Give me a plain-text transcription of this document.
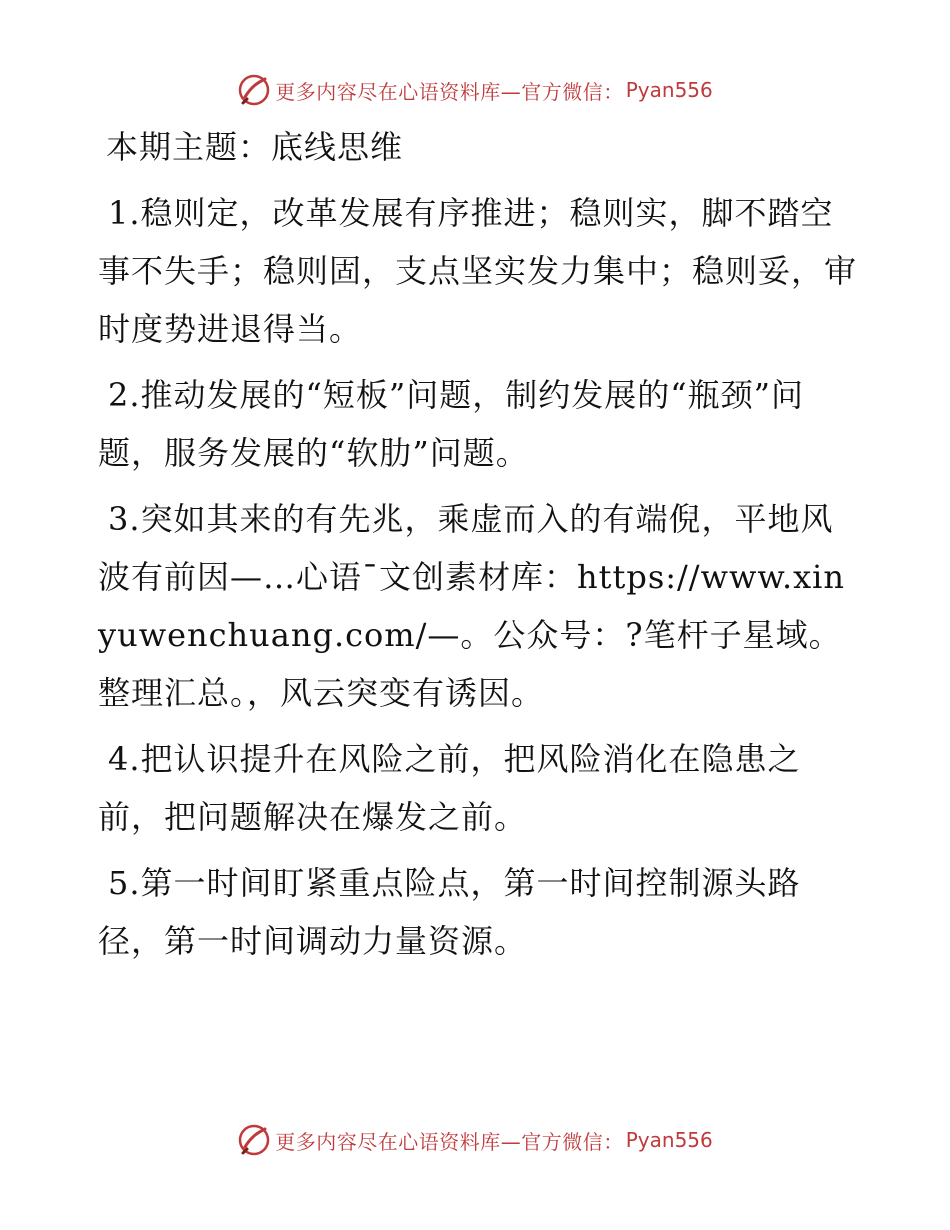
更多内容尽在心语资料库—官方微信： Pyan556
本期主题：底线思维
1.稳则定，改革发展有序推进；稳则实，脚不踏空事不失手；稳则固，支点坚实发力集中；稳则妥，审时度势进退得当。
2.推动发展的“短板”问题，制约发展的“瓶颈”问题，服务发展的“软肋”问题。
3.突如其来的有先兆，乘虚而入的有端倪，平地风波有前因—…心语¯文创素材库：https://www.xinyuwenchuang.com/—。公众号：?笔杆子星域。整理汇总。，风云突变有诱因。
4.把认识提升在风险之前，把风险消化在隐患之前，把问题解决在爆发之前。
5.第一时间盯紧重点险点，第一时间控制源头路径，第一时间调动力量资源。
更多内容尽在心语资料库—官方微信： Pyan556
